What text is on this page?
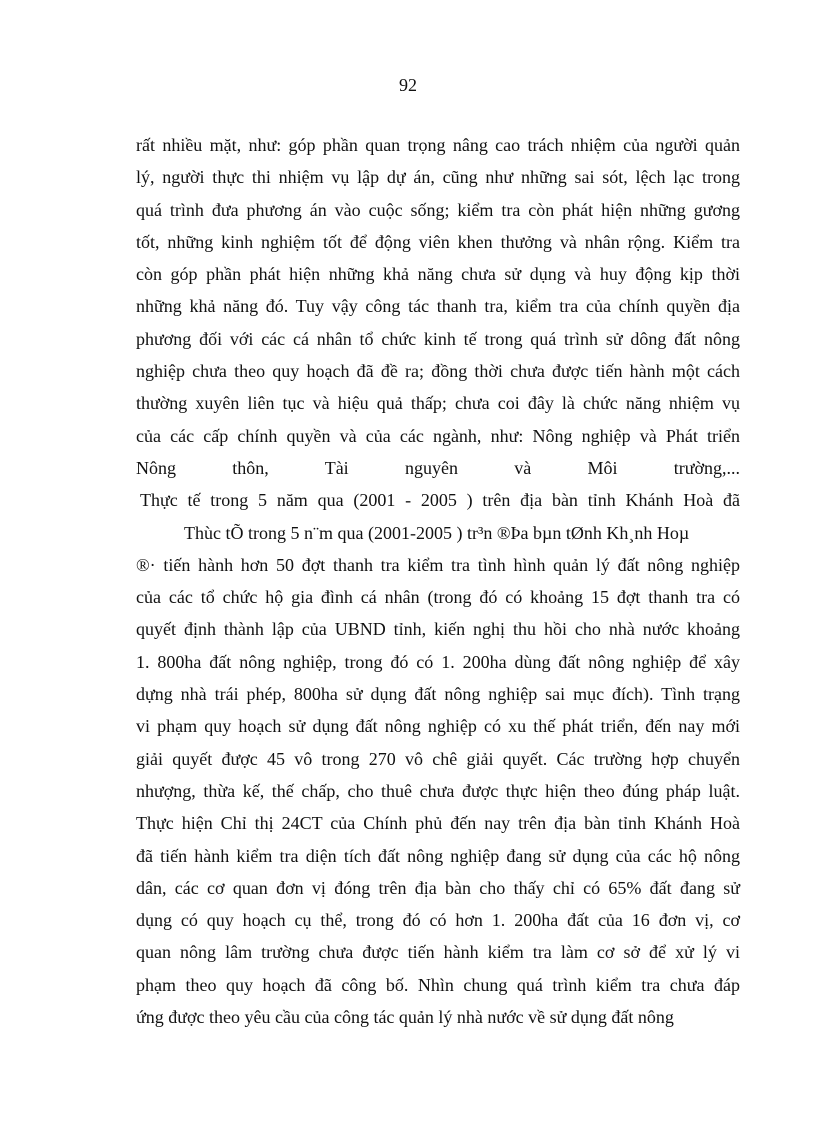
92
rất nhiều mặt, như: góp phần quan trọng nâng cao trách nhiệm của người quản
lý, người thực thi nhiệm vụ lập dự án, cũng như những sai sót, lệch lạc trong
quá trình đưa phương án vào cuộc sống; kiểm tra còn phát hiện những gương
tốt, những kinh nghiệm tốt để động viên khen thưởng và nhân rộng. Kiểm tra
còn góp phần phát hiện những khả năng chưa sử dụng và huy động kịp thời
những khả năng đó. Tuy vậy công tác thanh tra, kiểm tra của chính quyền địa
phương đối với các cá nhân tổ chức kinh tế trong quá trình sử dông đất nông
nghiệp chưa theo quy hoạch đã đề ra; đồng thời chưa được tiến hành một cách
thường xuyên liên tục và hiệu quả thấp; chưa coi đây là chức năng nhiệm vụ
của các cấp chính quyền và của các ngành, như: Nông nghiệp và Phát triển
Nông thôn, Tài nguyên và Môi trường,...
Thực tế trong 5 năm qua (2001 - 2005 ) trên địa bàn tỉnh Khánh Hoà đã
Thùc tÕ trong 5 n¨m qua (2001-2005 ) tr³n ®Þa bµn tØnh Kh¸nh Hoµ
®· tiến hành hơn 50 đợt thanh tra kiểm tra tình hình quản lý đất nông nghiệp
của các tổ chức hộ gia đình cá nhân (trong đó có khoảng 15 đợt thanh tra có
quyết định thành lập của UBND tỉnh, kiến nghị thu hồi cho nhà nước khoảng
1. 800ha đất nông nghiệp, trong đó có 1. 200ha dùng đất nông nghiệp để xây
dựng nhà trái phép, 800ha sử dụng đất nông nghiệp sai mục đích). Tình trạng
vi phạm quy hoạch sử dụng đất nông nghiệp có xu thế phát triển, đến nay mới
giải quyết được 45 vô trong 270 vô chê giải quyết. Các trường hợp chuyển
nhượng, thừa kế, thế chấp, cho thuê chưa được thực hiện theo đúng pháp luật.
Thực hiện Chỉ thị 24CT của Chính phủ đến nay trên địa bàn tỉnh Khánh Hoà
đã tiến hành kiểm tra diện tích đất nông nghiệp đang sử dụng của các hộ nông
dân, các cơ quan đơn vị đóng trên địa bàn cho thấy chỉ có 65% đất đang sử
dụng có quy hoạch cụ thể, trong đó có hơn 1. 200ha đất của 16 đơn vị, cơ
quan nông lâm trường chưa được tiến hành kiểm tra làm cơ sở để xử lý vi
phạm theo quy hoạch đã công bố. Nhìn chung quá trình kiểm tra chưa đáp
ứng được theo yêu cầu của công tác quản lý nhà nước về sử dụng đất nông
